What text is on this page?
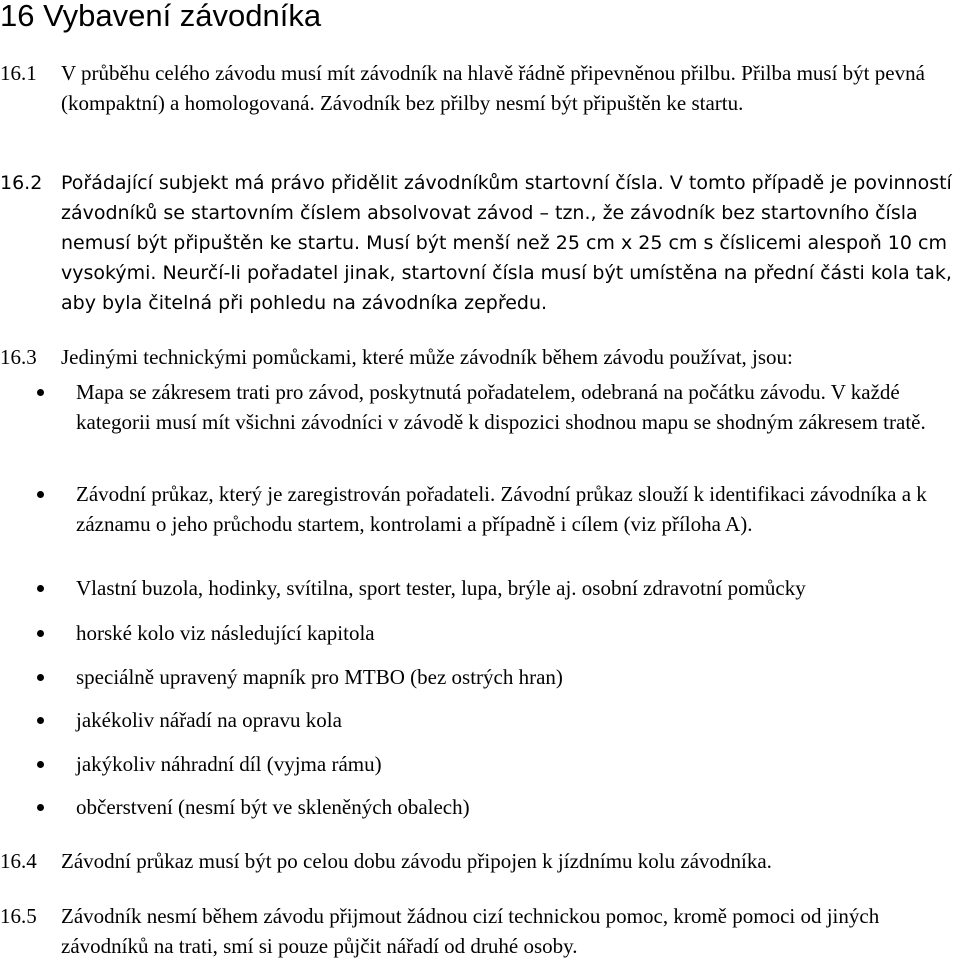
16 Vybavení závodníka
16.1 V průběhu celého závodu musí mít závodník na hlavě řádně připevněnou přilbu. Přilba musí být pevná (kompaktní) a homologovaná. Závodník bez přilby nesmí být připuštěn ke startu.
16.2 Pořádající subjekt má právo přidělit závodníkům startovní čísla. V tomto případě je povinností závodníků se startovním číslem absolvovat závod – tzn., že závodník bez startovního čísla nemusí být připuštěn ke startu. Musí být menší než 25 cm x 25 cm s číslicemi alespoň 10 cm vysokými. Neurčí-li pořadatel jinak, startovní čísla musí být umístěna na přední části kola tak, aby byla čitelná při pohledu na závodníka zepředu.
16.3 Jedinými technickými pomůckami, které může závodník během závodu používat, jsou:
Mapa se zákresem trati pro závod, poskytnutá pořadatelem, odebraná na počátku závodu. V každé kategorii musí mít všichni závodníci v závodě k dispozici shodnou mapu se shodným zákresem tratě.
Závodní průkaz, který je zaregistrován pořadateli. Závodní průkaz slouží k identifikaci závodníka a k záznamu o jeho průchodu startem, kontrolami a případně i cílem (viz příloha A).
Vlastní buzola, hodinky, svítilna, sport tester, lupa, brýle aj. osobní zdravotní pomůcky
horské kolo viz následující kapitola
speciálně upravený mapník pro MTBO (bez ostrých hran)
jakékoliv nářadí na opravu kola
jakýkoliv náhradní díl (vyjma rámu)
občerstvení (nesmí být ve skleněných obalech)
16.4 Závodní průkaz musí být po celou dobu závodu připojen k jízdnímu kolu závodníka.
16.5 Závodník nesmí během závodu přijmout žádnou cizí technickou pomoc, kromě pomoci od jiných závodníků na trati, smí si pouze půjčit nářadí od druhé osoby.
